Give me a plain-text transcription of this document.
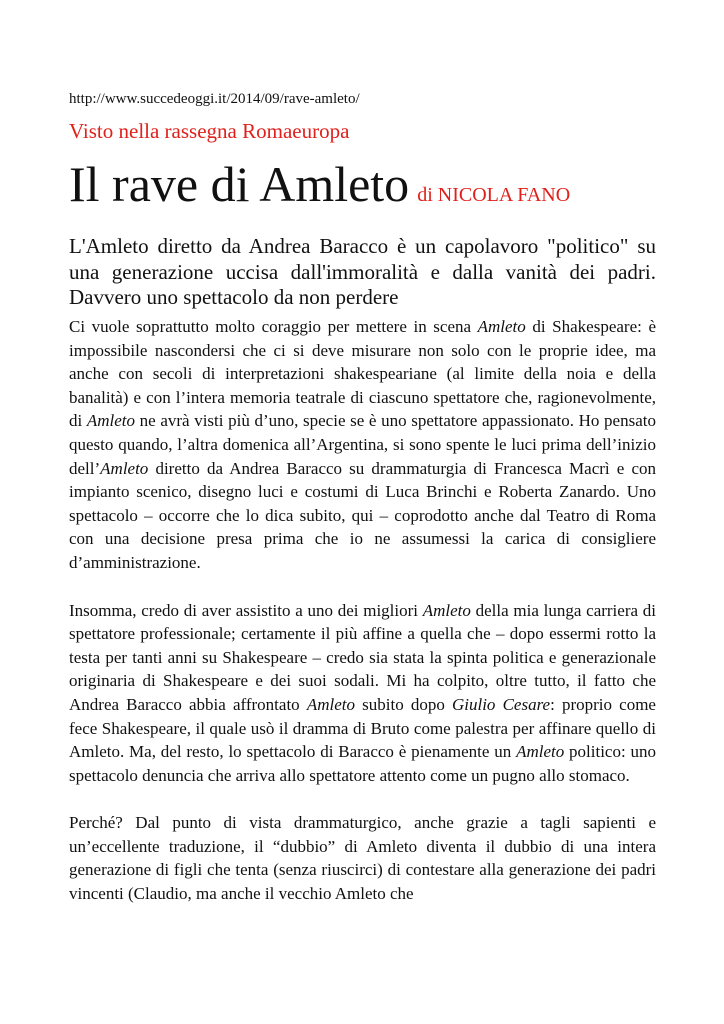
http://www.succedeoggi.it/2014/09/rave-amleto/
Visto nella rassegna Romaeuropa
Il rave di Amleto di NICOLA FANO

L'Amleto diretto da Andrea Baracco è un capolavoro "politico" su una generazione uccisa dall'immoralità e dalla vanità dei padri. Davvero uno spettacolo da non perdere

Ci vuole soprattutto molto coraggio per mettere in scena Amleto di Shakespeare: è impossibile nascondersi che ci si deve misurare non solo con le proprie idee, ma anche con secoli di interpretazioni shakespeariane (al limite della noia e della banalità) e con l’intera memoria teatrale di ciascuno spettatore che, ragionevolmente, di Amleto ne avrà visti più d’uno, specie se è uno spettatore appassionato. Ho pensato questo quando, l’altra domenica all’Argentina, si sono spente le luci prima dell’inizio dell’Amleto diretto da Andrea Baracco su drammaturgia di Francesca Macrì e con impianto scenico, disegno luci e costumi di Luca Brinchi e Roberta Zanardo. Uno spettacolo – occorre che lo dica subito, qui – coprodotto anche dal Teatro di Roma con una decisione presa prima che io ne assumessi la carica di consigliere d’amministrazione.

Insomma, credo di aver assistito a uno dei migliori Amleto della mia lunga carriera di spettatore professionale; certamente il più affine a quella che – dopo essermi rotto la testa per tanti anni su Shakespeare – credo sia stata la spinta politica e generazionale originaria di Shakespeare e dei suoi sodali. Mi ha colpito, oltre tutto, il fatto che Andrea Baracco abbia affrontato Amleto subito dopo Giulio Cesare: proprio come fece Shakespeare, il quale usò il dramma di Bruto come palestra per affinare quello di Amleto. Ma, del resto, lo spettacolo di Baracco è pienamente un Amleto politico: uno spettacolo denuncia che arriva allo spettatore attento come un pugno allo stomaco.

Perché? Dal punto di vista drammaturgico, anche grazie a tagli sapienti e un’eccellente traduzione, il “dubbio” di Amleto diventa il dubbio di una intera generazione di figli che tenta (senza riuscirci) di contestare alla generazione dei padri vincenti (Claudio, ma anche il vecchio Amleto che
